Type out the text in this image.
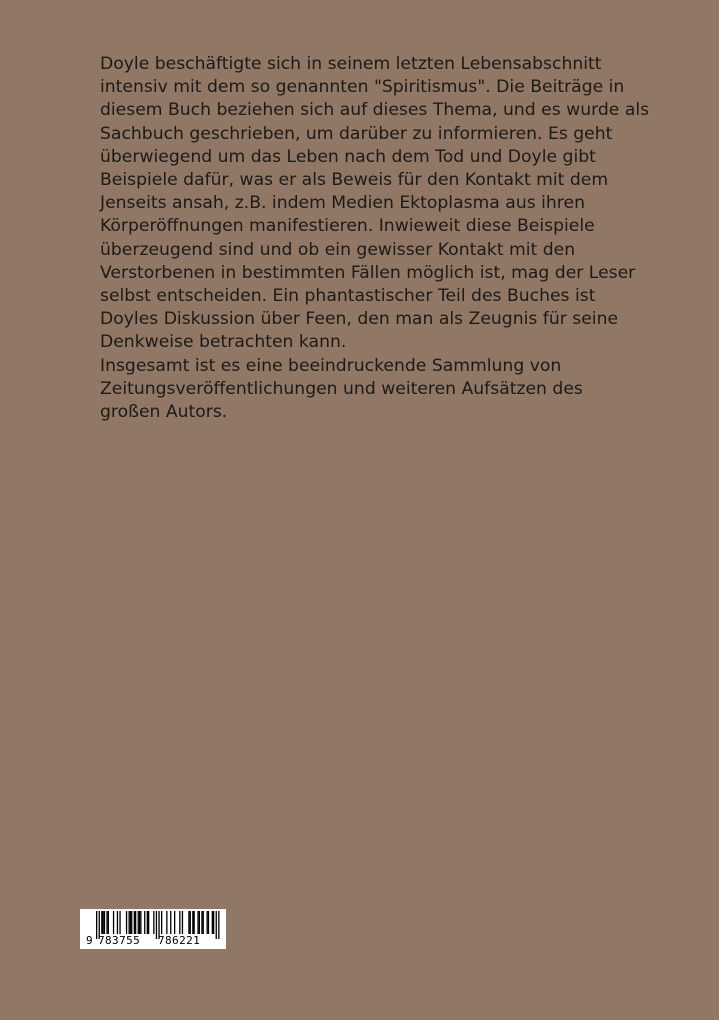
Doyle beschäftigte sich in seinem letzten Lebensabschnitt
intensiv mit dem so genannten "Spiritismus". Die Beiträge in
diesem Buch beziehen sich auf dieses Thema, und es wurde als
Sachbuch geschrieben, um darüber zu informieren. Es geht
überwiegend um das Leben nach dem Tod und Doyle gibt
Beispiele dafür, was er als Beweis für den Kontakt mit dem
Jenseits ansah, z.B. indem Medien Ektoplasma aus ihren
Körperöffnungen manifestieren. Inwieweit diese Beispiele
überzeugend sind und ob ein gewisser Kontakt mit den
Verstorbenen in bestimmten Fällen möglich ist, mag der Leser
selbst entscheiden. Ein phantastischer Teil des Buches ist
Doyles Diskussion über Feen, den man als Zeugnis für seine
Denkweise betrachten kann.
Insgesamt ist es eine beeindruckende Sammlung von
Zeitungsveröffentlichungen und weiteren Aufsätzen des
großen Autors.

9 783755 786221
